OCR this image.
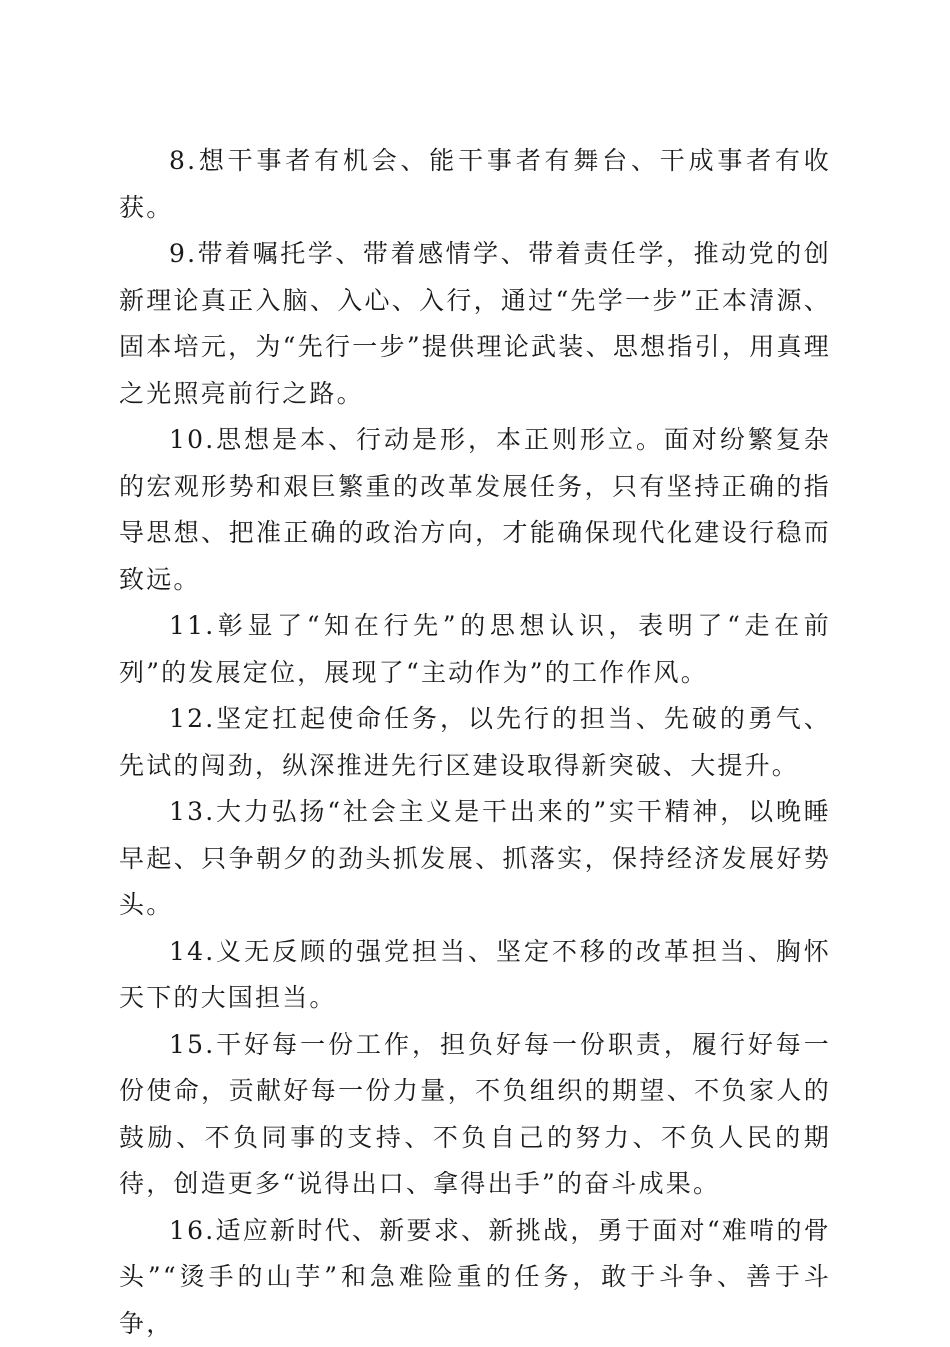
8.想干事者有机会、能干事者有舞台、干成事者有收获。

9.带着嘱托学、带着感情学、带着责任学，推动党的创新理论真正入脑、入心、入行，通过“先学一步”正本清源、固本培元，为“先行一步”提供理论武装、思想指引，用真理之光照亮前行之路。

10.思想是本、行动是形，本正则形立。面对纷繁复杂的宏观形势和艰巨繁重的改革发展任务，只有坚持正确的指导思想、把准正确的政治方向，才能确保现代化建设行稳而致远。

11.彰显了“知在行先”的思想认识，表明了“走在前列”的发展定位，展现了“主动作为”的工作作风。

12.坚定扛起使命任务，以先行的担当、先破的勇气、先试的闯劲，纵深推进先行区建设取得新突破、大提升。

13.大力弘扬“社会主义是干出来的”实干精神，以晚睡早起、只争朝夕的劲头抓发展、抓落实，保持经济发展好势头。

14.义无反顾的强党担当、坚定不移的改革担当、胸怀天下的大国担当。

15.干好每一份工作，担负好每一份职责，履行好每一份使命，贡献好每一份力量，不负组织的期望、不负家人的鼓励、不负同事的支持、不负自己的努力、不负人民的期待，创造更多“说得出口、拿得出手”的奋斗成果。

16.适应新时代、新要求、新挑战，勇于面对“难啃的骨头”“烫手的山芋”和急难险重的任务，敢于斗争、善于斗争，
